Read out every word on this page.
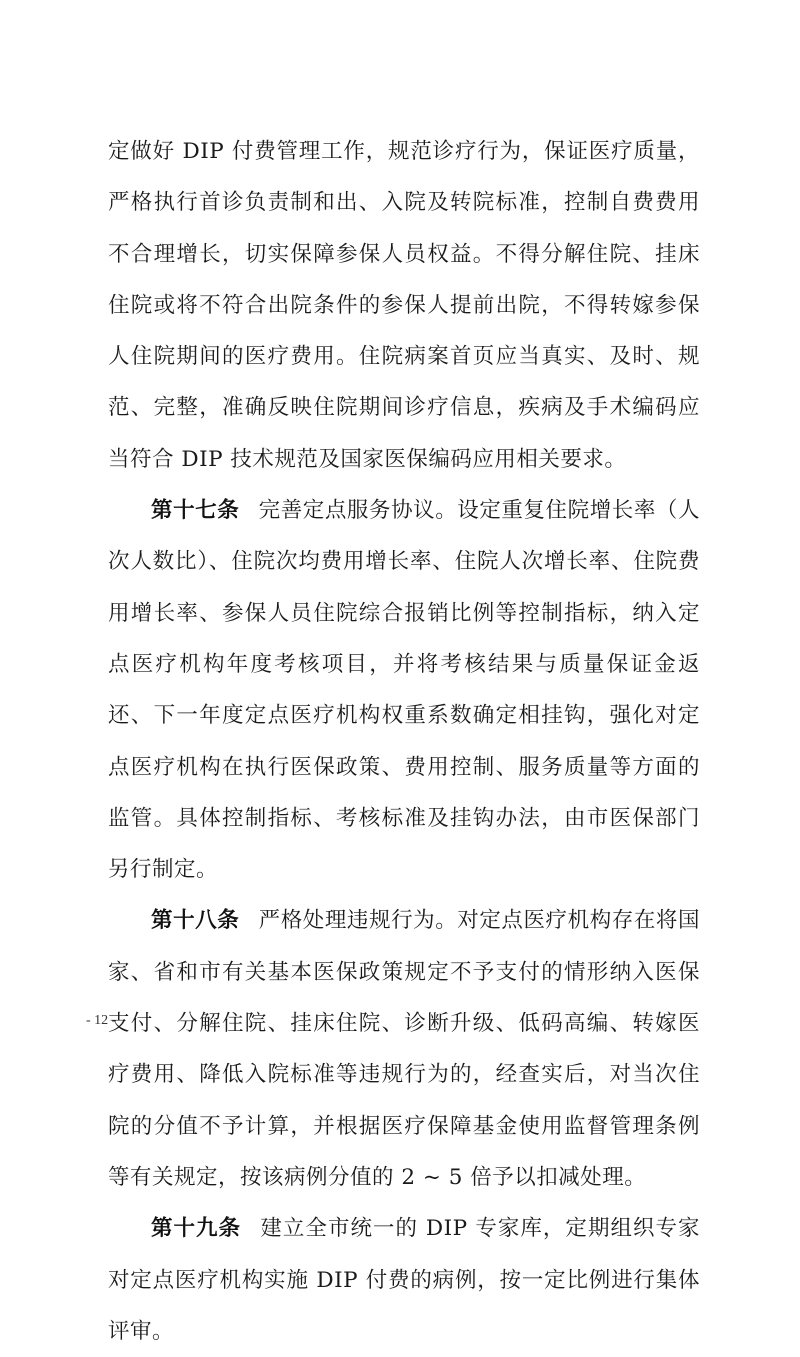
定做好 DIP 付费管理工作，规范诊疗行为，保证医疗质量，严格执行首诊负责制和出、入院及转院标准，控制自费费用不合理增长，切实保障参保人员权益。不得分解住院、挂床住院或将不符合出院条件的参保人提前出院，不得转嫁参保人住院期间的医疗费用。住院病案首页应当真实、及时、规范、完整，准确反映住院期间诊疗信息，疾病及手术编码应当符合 DIP 技术规范及国家医保编码应用相关要求。

第十七条 完善定点服务协议。设定重复住院增长率（人次人数比）、住院次均费用增长率、住院人次增长率、住院费用增长率、参保人员住院综合报销比例等控制指标，纳入定点医疗机构年度考核项目，并将考核结果与质量保证金返还、下一年度定点医疗机构权重系数确定相挂钩，强化对定点医疗机构在执行医保政策、费用控制、服务质量等方面的监管。具体控制指标、考核标准及挂钩办法，由市医保部门另行制定。

第十八条 严格处理违规行为。对定点医疗机构存在将国家、省和市有关基本医保政策规定不予支付的情形纳入医保支付、分解住院、挂床住院、诊断升级、低码高编、转嫁医疗费用、降低入院标准等违规行为的，经查实后，对当次住院的分值不予计算，并根据医疗保障基金使用监督管理条例等有关规定，按该病例分值的 2 ~ 5 倍予以扣减处理。

第十九条 建立全市统一的 DIP 专家库，定期组织专家对定点医疗机构实施 DIP 付费的病例，按一定比例进行集体评审。

- 12 -
